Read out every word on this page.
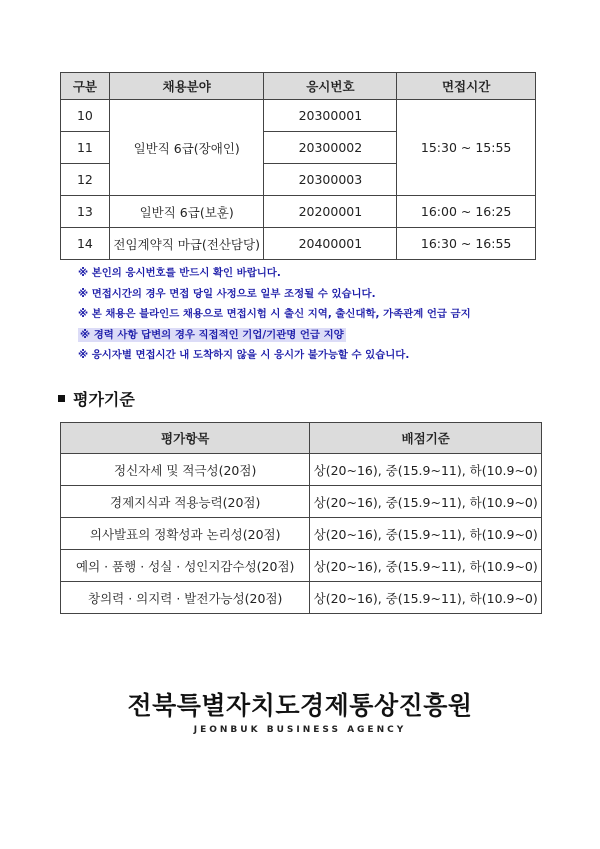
구분	채용분야	응시번호	면접시간
10	일반직 6급(장애인)	20300001	15:30 ~ 15:55
11		20300002	
12		20300003	
13	일반직 6급(보훈)	20200001	16:00 ~ 16:25
14	전임계약직 마급(전산담당)	20400001	16:30 ~ 16:55
※ 본인의 응시번호를 반드시 확인 바랍니다.
※ 면접시간의 경우 면접 당일 사정으로 일부 조정될 수 있습니다.
※ 본 채용은 블라인드 채용으로 면접시험 시 출신 지역, 출신대학, 가족관계 언급 금지
※ 경력 사항 답변의 경우 직접적인 기업/기관명 언급 지양
※ 응시자별 면접시간 내 도착하지 않을 시 응시가 불가능할 수 있습니다.
평가기준
평가항목	배점기준
정신자세 및 적극성(20점)	상(20~16), 중(15.9~11), 하(10.9~0)
경제지식과 적용능력(20점)	상(20~16), 중(15.9~11), 하(10.9~0)
의사발표의 정확성과 논리성(20점)	상(20~16), 중(15.9~11), 하(10.9~0)
예의 · 품행 · 성실 · 성인지감수성(20점)	상(20~16), 중(15.9~11), 하(10.9~0)
창의력 · 의지력 · 발전가능성(20점)	상(20~16), 중(15.9~11), 하(10.9~0)
전북특별자치도경제통상진흥원
JEONBUK BUSINESS AGENCY
